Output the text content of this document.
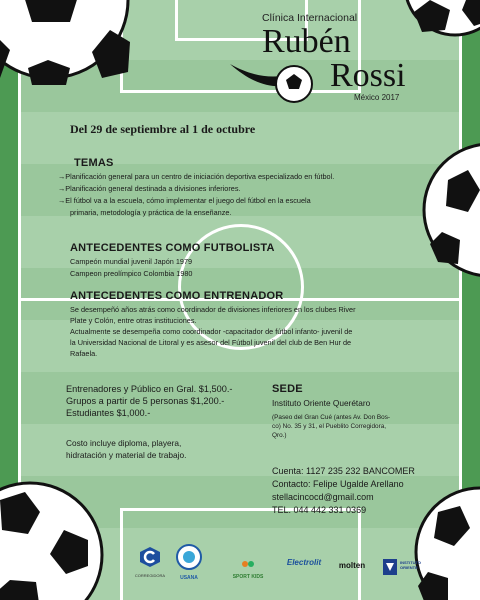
Clínica Internacional
Rubén
Rossi
México 2017
Del 29 de septiembre al 1 de octubre
TEMAS
→Planificación general para un centro de iniciación deportiva especializado en fútbol.
→Planificación general destinada a divisiones inferiores.
→El fútbol va a la escuela, cómo implementar el juego del fútbol en la escuela
primaria, metodología y práctica de la enseñanze.
ANTECEDENTES COMO FUTBOLISTA
Campeón mundial juvenil Japón 1979
Campeon preolímpico Colombia 1980
ANTECEDENTES COMO ENTRENADOR
Se desempeñó años atrás como coordinador de divisiones inferiores en los clubes River
Plate y Colón, entre otras instituciones.
Actualmente se desempeña como coordinador -capacitador de fútbol infanto- juvenil de
la Universidad Nacional de Litoral y es asesor del Fútbol juvenil del club de Ben Hur de
Rafaela.
Entrenadores y Público en Gral. $1,500.-
Grupos a partir de 5 personas $1,200.-
Estudiantes $1,000.-
Costo incluye diploma, playera,
hidratación y material de trabajo.
SEDE
Instituto Oriente Querétaro
(Paseo del Gran Cué (antes Av. Don Bos-
co) No. 35 y 31, el Pueblito Corregidora,
Qro.)
Cuenta: 1127 235 232 BANCOMER
Contacto: Felipe Ugalde Arellano
stellacincocd@gmail.com
TEL. 044 442 331 0369
CORREGIDORA	USANA	SPORT KIDS
Electrolit	molten	INSTITUTO ORIENTE
